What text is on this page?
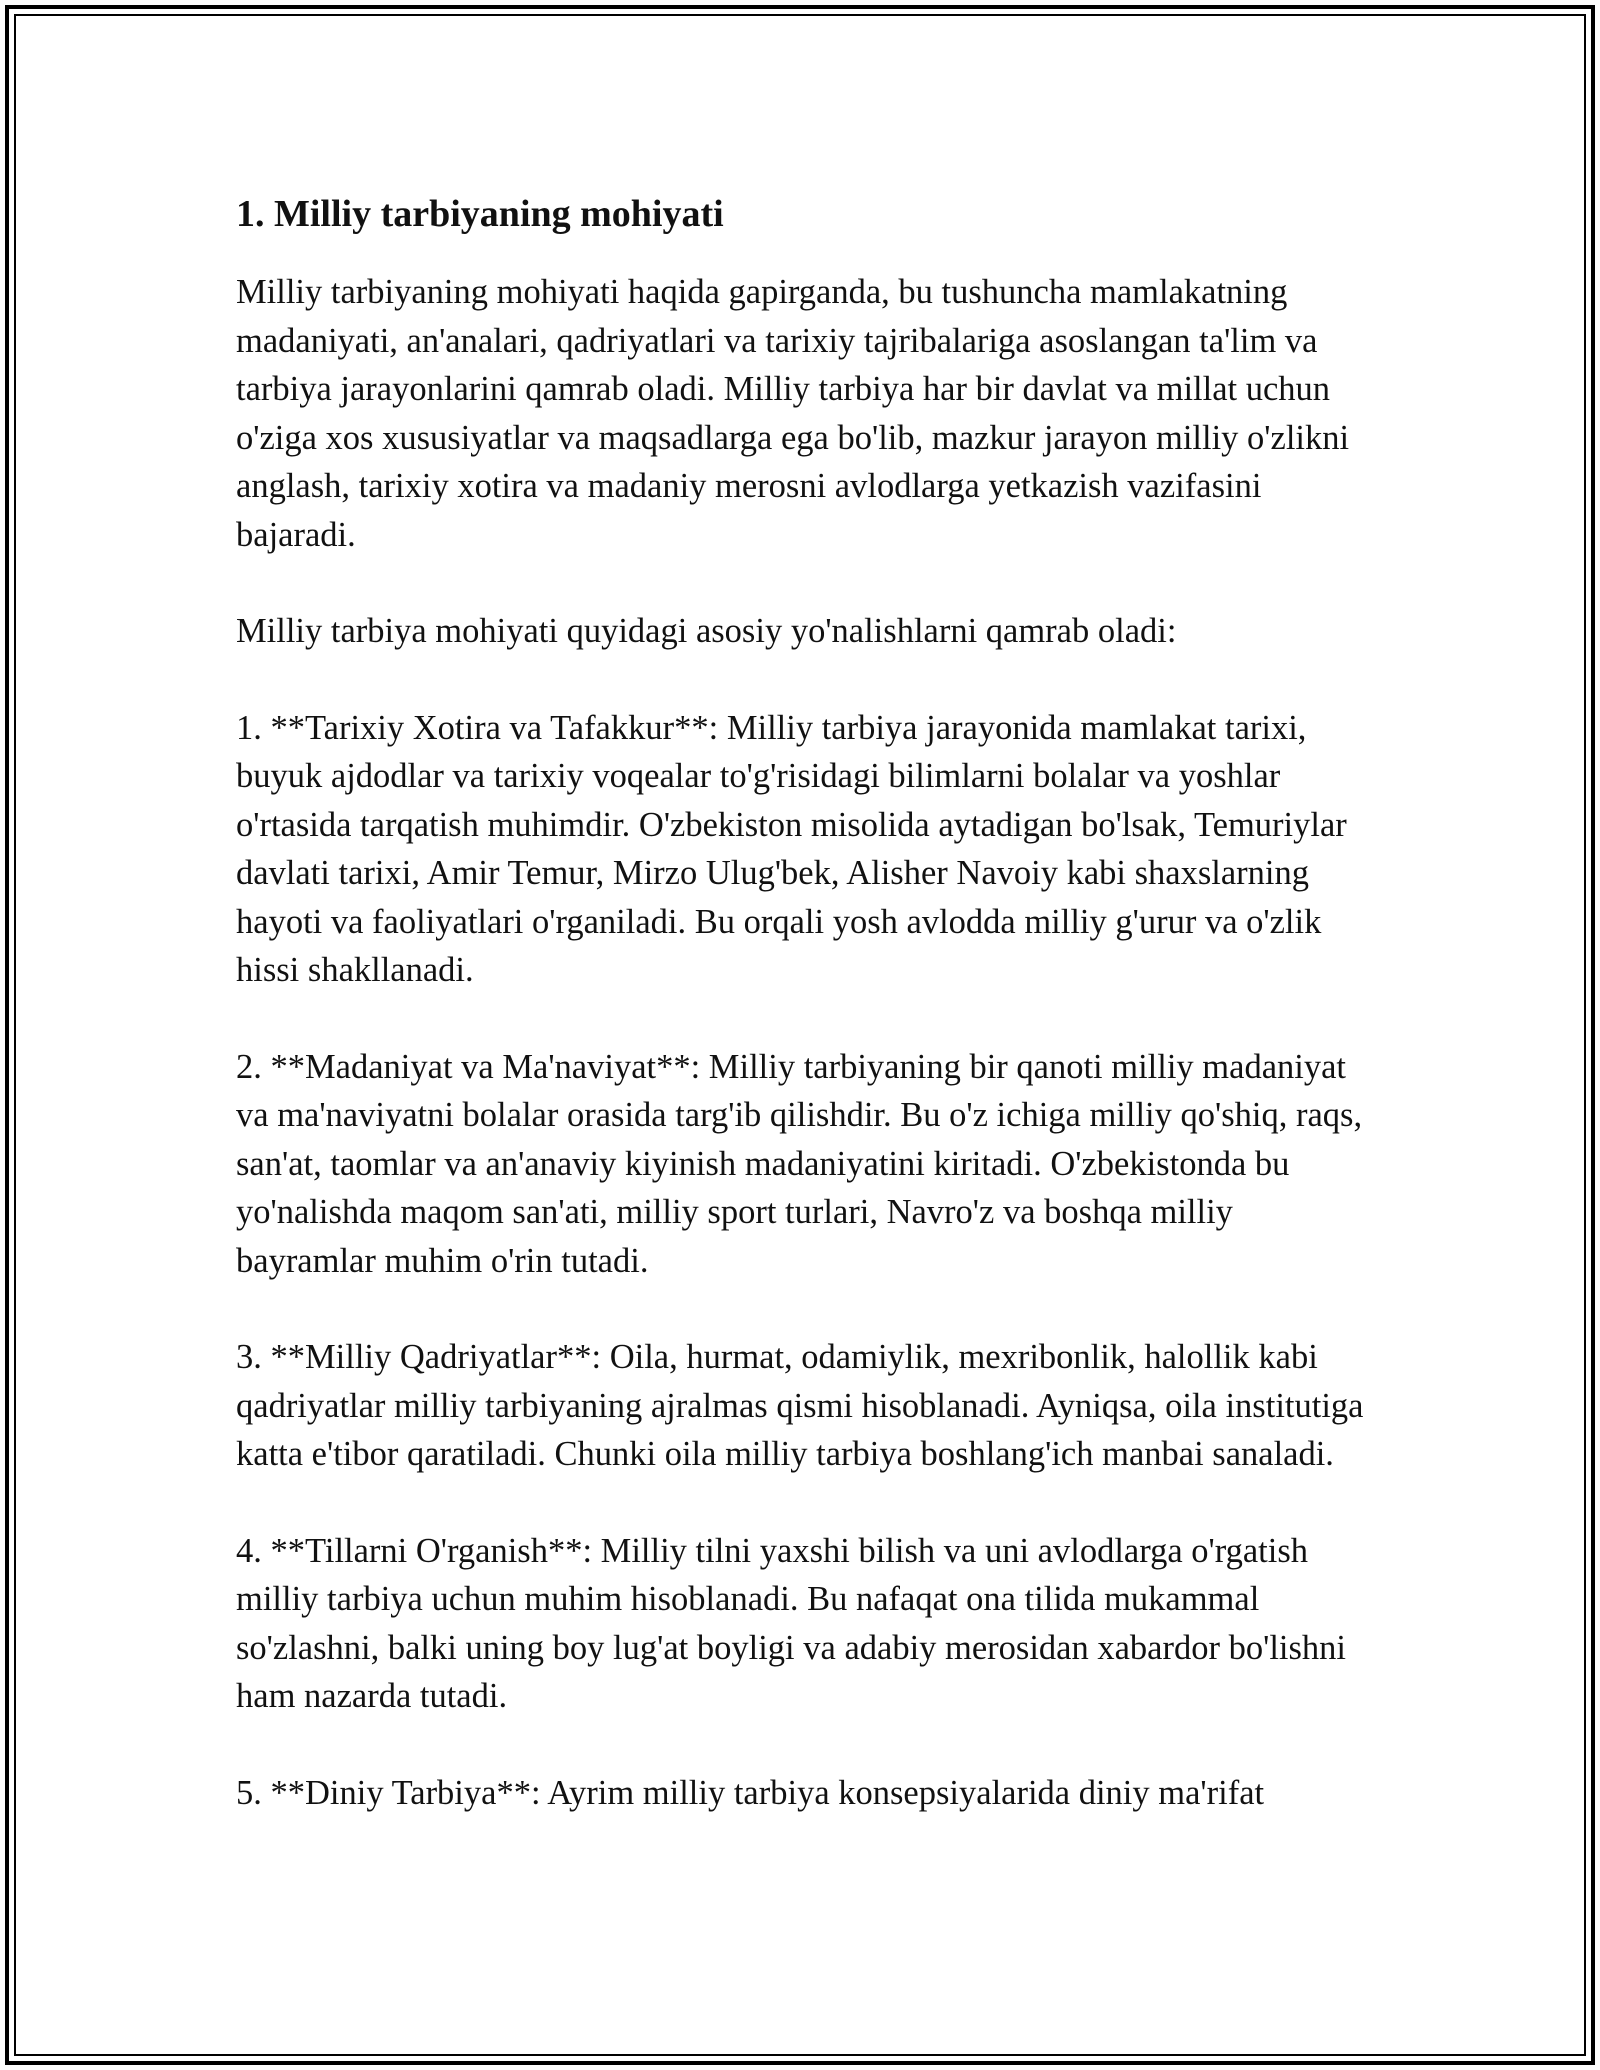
1. Milliy tarbiyaning mohiyati

Milliy tarbiyaning mohiyati haqida gapirganda, bu tushuncha mamlakatning madaniyati, an'analari, qadriyatlari va tarixiy tajribalariga asoslangan ta'lim va tarbiya jarayonlarini qamrab oladi. Milliy tarbiya har bir davlat va millat uchun o'ziga xos xususiyatlar va maqsadlarga ega bo'lib, mazkur jarayon milliy o'zlikni anglash, tarixiy xotira va madaniy merosni avlodlarga yetkazish vazifasini bajaradi.

Milliy tarbiya mohiyati quyidagi asosiy yo'nalishlarni qamrab oladi:

1. **Tarixiy Xotira va Tafakkur**: Milliy tarbiya jarayonida mamlakat tarixi, buyuk ajdodlar va tarixiy voqealar to'g'risidagi bilimlarni bolalar va yoshlar o'rtasida tarqatish muhimdir. O'zbekiston misolida aytadigan bo'lsak, Temuriylar davlati tarixi, Amir Temur, Mirzo Ulug'bek, Alisher Navoiy kabi shaxslarning hayoti va faoliyatlari o'rganiladi. Bu orqali yosh avlodda milliy g'urur va o'zlik hissi shakllanadi.

2. **Madaniyat va Ma'naviyat**: Milliy tarbiyaning bir qanoti milliy madaniyat va ma'naviyatni bolalar orasida targ'ib qilishdir. Bu o'z ichiga milliy qo'shiq, raqs, san'at, taomlar va an'anaviy kiyinish madaniyatini kiritadi. O'zbekistonda bu yo'nalishda maqom san'ati, milliy sport turlari, Navro'z va boshqa milliy bayramlar muhim o'rin tutadi.

3. **Milliy Qadriyatlar**: Oila, hurmat, odamiylik, mexribonlik, halollik kabi qadriyatlar milliy tarbiyaning ajralmas qismi hisoblanadi. Ayniqsa, oila institutiga katta e'tibor qaratiladi. Chunki oila milliy tarbiya boshlang'ich manbai sanaladi.

4. **Tillarni O'rganish**: Milliy tilni yaxshi bilish va uni avlodlarga o'rgatish milliy tarbiya uchun muhim hisoblanadi. Bu nafaqat ona tilida mukammal so'zlashni, balki uning boy lug'at boyligi va adabiy merosidan xabardor bo'lishni ham nazarda tutadi.

5. **Diniy Tarbiya**: Ayrim milliy tarbiya konsepsiyalarida diniy ma'rifat
